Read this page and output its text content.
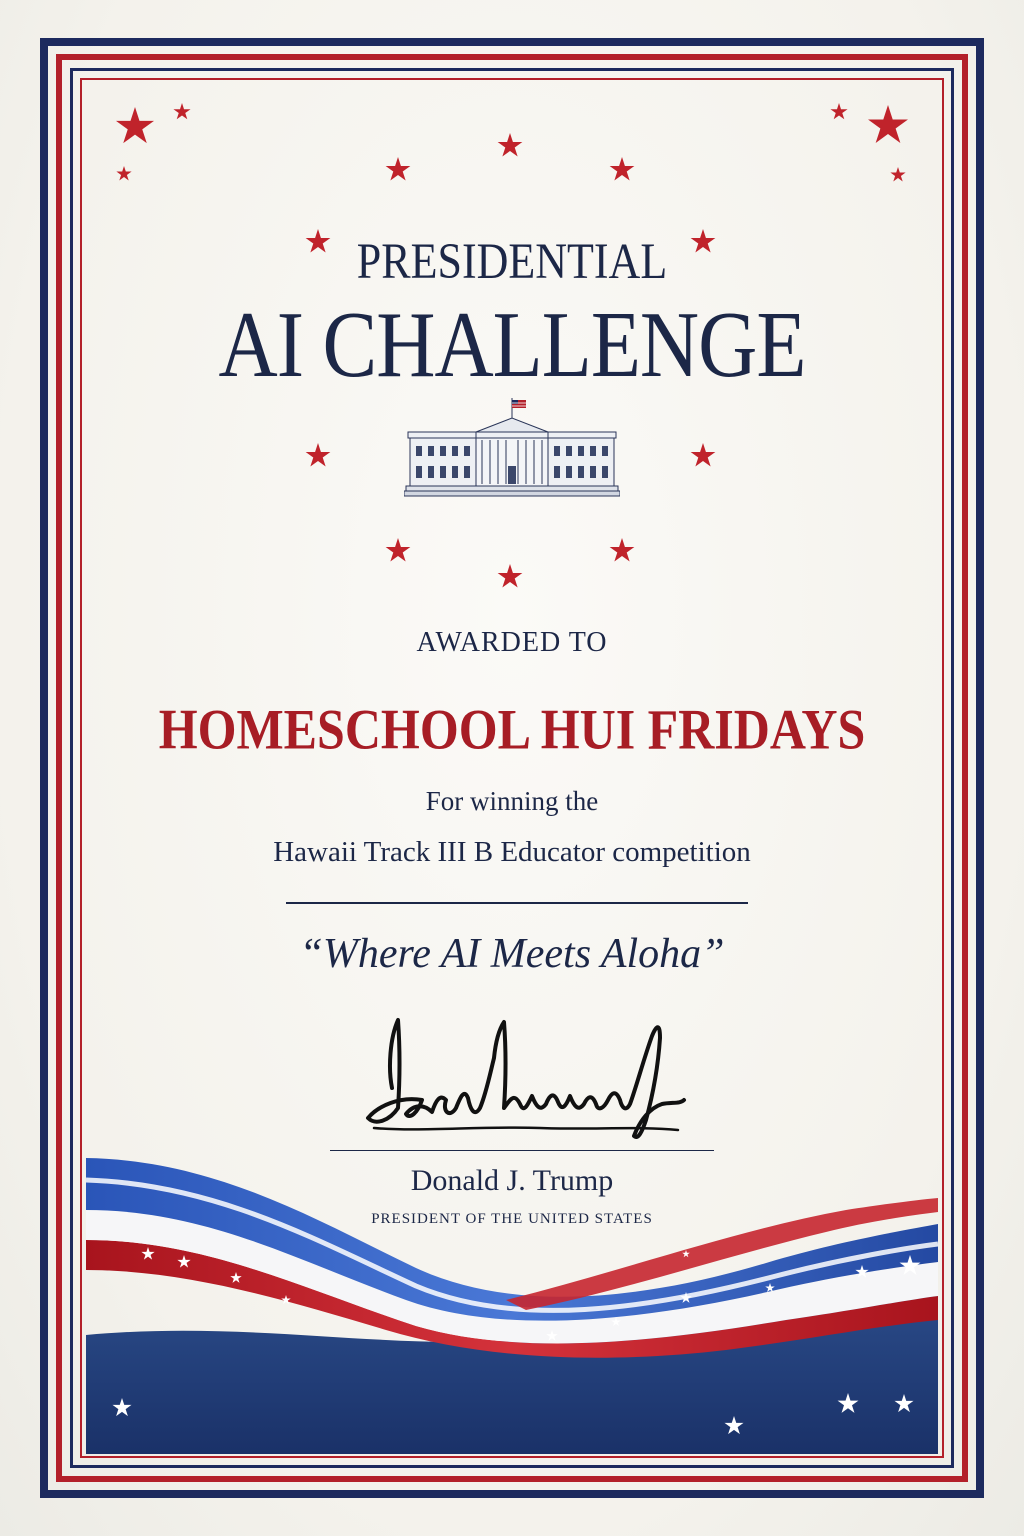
PRESIDENTIAL
AI CHALLENGE
AWARDED TO
HOMESCHOOL HUI FRIDAYS
For winning the
Hawaii Track III B Educator competition
“Where AI Meets Aloha”
Donald J. Trump
PRESIDENT OF THE UNITED STATES
